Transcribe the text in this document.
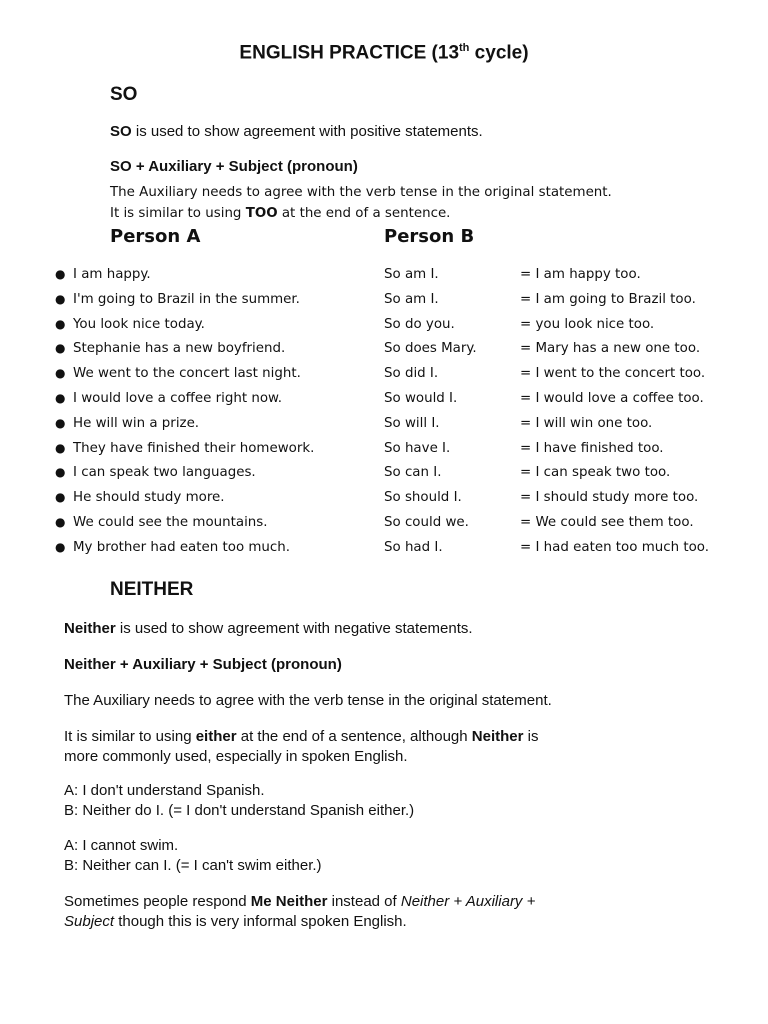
ENGLISH PRACTICE (13th cycle)
SO
SO is used to show agreement with positive statements.
SO + Auxiliary + Subject (pronoun)
The Auxiliary needs to agree with the verb tense in the original statement.
It is similar to using TOO at the end of a sentence.
Person A	Person B
● I am happy.	So am I.	= I am happy too.
● I'm going to Brazil in the summer.	So am I.	= I am going to Brazil too.
● You look nice today.	So do you.	= you look nice too.
● Stephanie has a new boyfriend.	So does Mary.	= Mary has a new one too.
● We went to the concert last night.	So did I.	= I went to the concert too.
● I would love a coffee right now.	So would I.	= I would love a coffee too.
● He will win a prize.	So will I.	= I will win one too.
● They have finished their homework.	So have I.	= I have finished too.
● I can speak two languages.	So can I.	= I can speak two too.
● He should study more.	So should I.	= I should study more too.
● We could see the mountains.	So could we.	= We could see them too.
● My brother had eaten too much.	So had I.	= I had eaten too much too.
NEITHER
Neither is used to show agreement with negative statements.
Neither + Auxiliary + Subject (pronoun)
The Auxiliary needs to agree with the verb tense in the original statement.
It is similar to using either at the end of a sentence, although Neither is
more commonly used, especially in spoken English.
A: I don't understand Spanish.
B: Neither do I. (= I don't understand Spanish either.)
A: I cannot swim.
B: Neither can I. (= I can't swim either.)
Sometimes people respond Me Neither instead of Neither + Auxiliary +
Subject though this is very informal spoken English.
